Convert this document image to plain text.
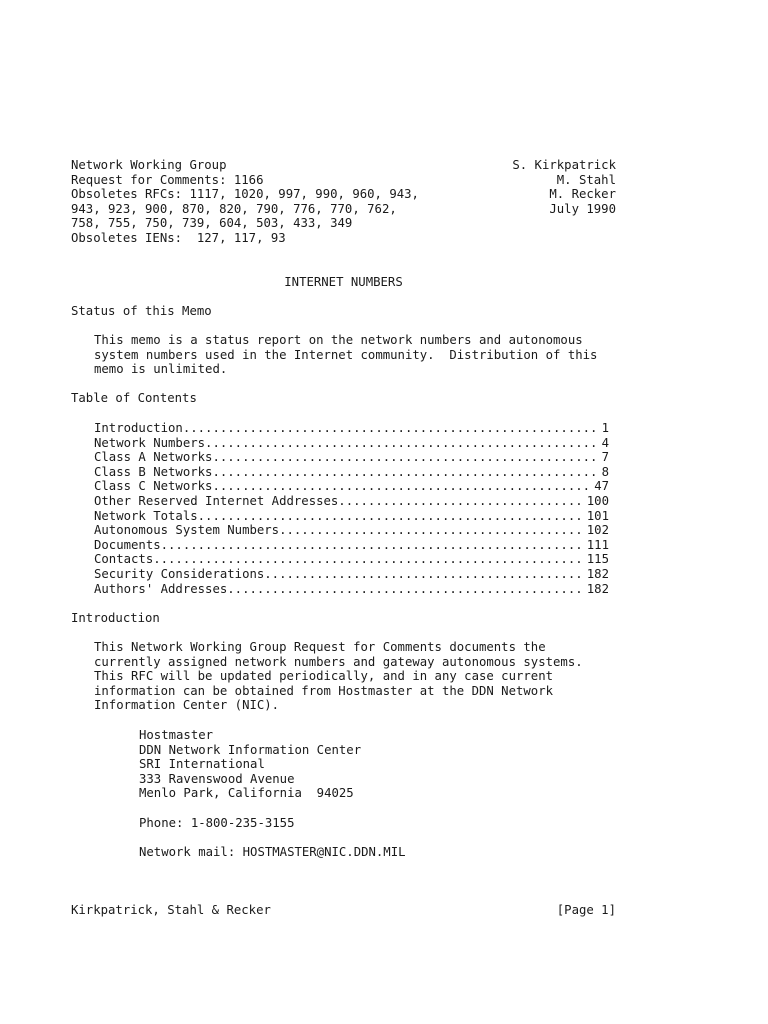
Network Working Group	S. Kirkpatrick
Request for Comments: 1166	M. Stahl
Obsoletes RFCs: 1117, 1020, 997, 990, 960, 943,	M. Recker
943, 923, 900, 870, 820, 790, 776, 770, 762,	July 1990
758, 755, 750, 739, 604, 503, 433, 349
Obsoletes IENs:  127, 117, 93
INTERNET NUMBERS
Status of this Memo
This memo is a status report on the network numbers and autonomous
system numbers used in the Internet community.  Distribution of this
memo is unlimited.
Table of Contents
Introduction........................................................ 1
Network Numbers..................................................... 4
Class A Networks.................................................... 7
Class B Networks.................................................... 8
Class C Networks................................................... 47
Other Reserved Internet Addresses................................. 100
Network Totals.................................................... 101
Autonomous System Numbers......................................... 102
Documents......................................................... 111
Contacts.......................................................... 115
Security Considerations........................................... 182
Authors' Addresses................................................ 182
Introduction
This Network Working Group Request for Comments documents the
currently assigned network numbers and gateway autonomous systems.
This RFC will be updated periodically, and in any case current
information can be obtained from Hostmaster at the DDN Network
Information Center (NIC).
Hostmaster
DDN Network Information Center
SRI International
333 Ravenswood Avenue
Menlo Park, California  94025
Phone: 1-800-235-3155
Network mail: HOSTMASTER@NIC.DDN.MIL
Kirkpatrick, Stahl & Recker	[Page 1]
